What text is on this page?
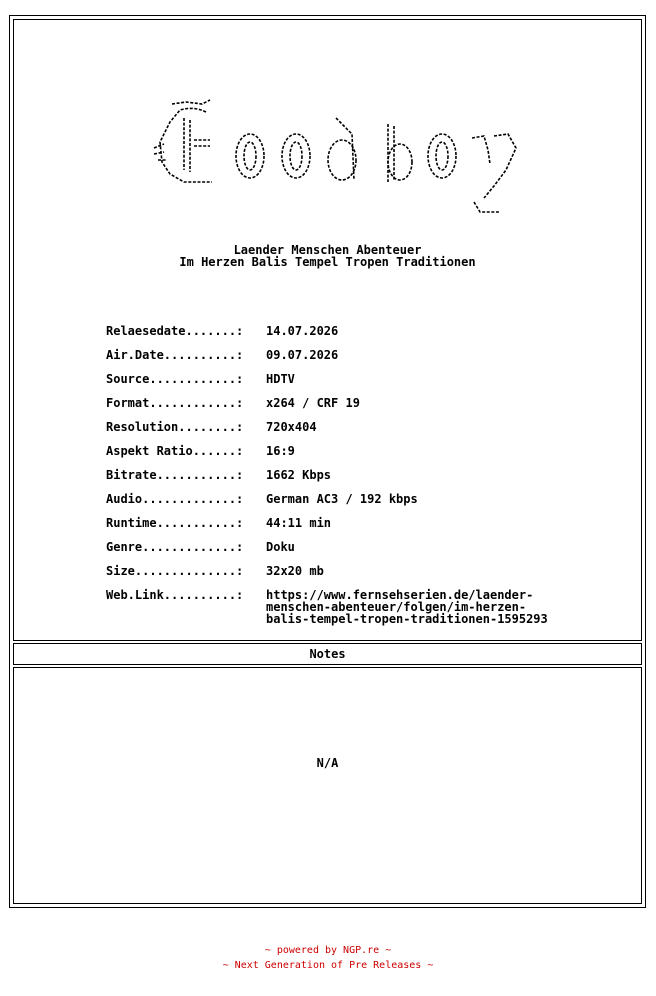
Laender Menschen Abenteuer
Im Herzen Balis Tempel Tropen Traditionen
Relaesedate.......:	14.07.2026
Air.Date..........:	09.07.2026
Source............:	HDTV
Format............:	x264 / CRF 19
Resolution........:	720x404
Aspekt Ratio......:	16:9
Bitrate...........:	1662 Kbps
Audio.............:	German AC3 / 192 kbps
Runtime...........:	44:11 min
Genre.............:	Doku
Size..............:	32x20 mb
Web.Link..........:	https://www.fernsehserien.de/laender-
menschen-abenteuer/folgen/im-herzen-
balis-tempel-tropen-traditionen-1595293
Notes
N/A
~ powered by NGP.re ~
~ Next Generation of Pre Releases ~
